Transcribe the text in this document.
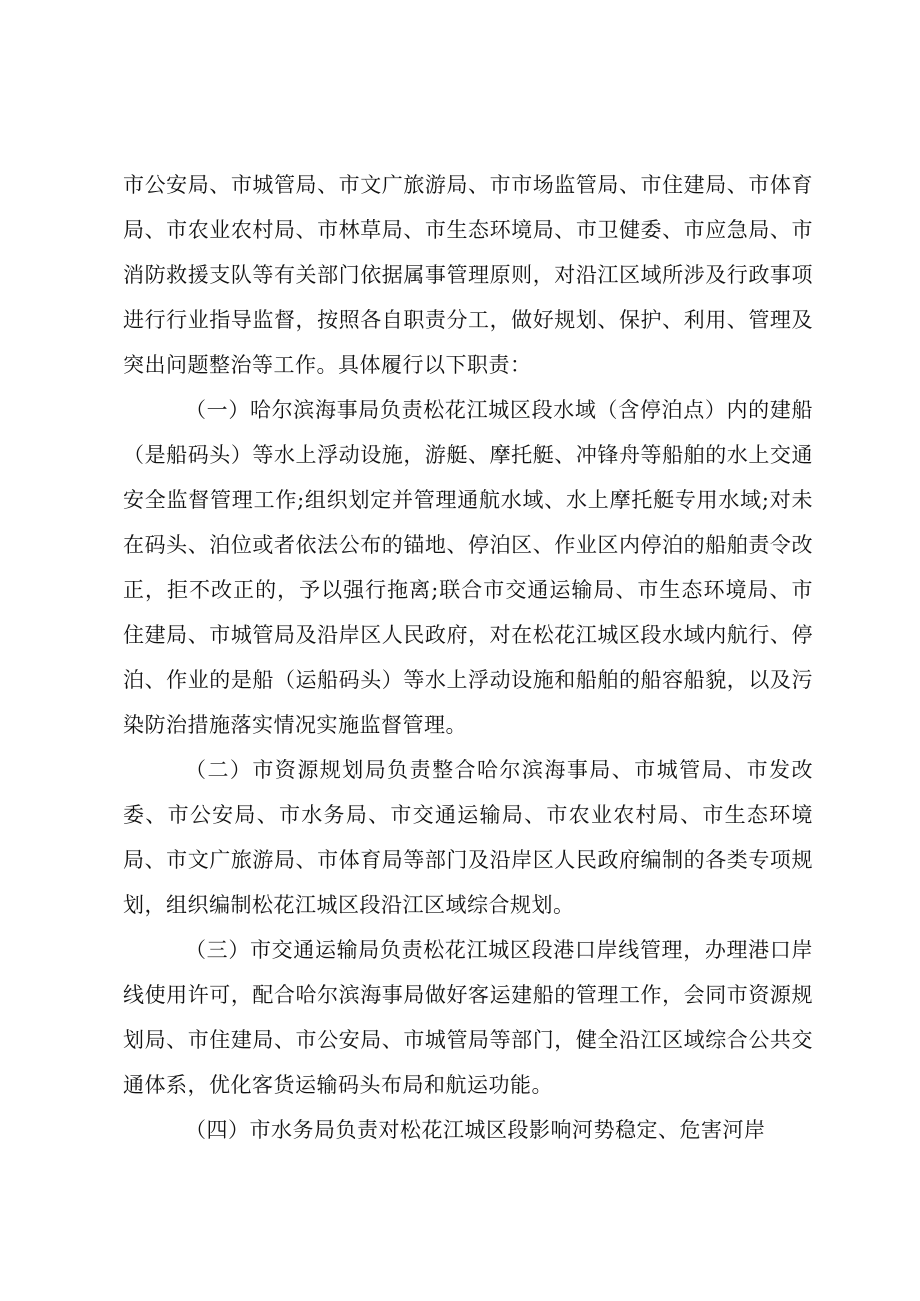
市公安局、市城管局、市文广旅游局、市市场监管局、市住建局、市体育局、市农业农村局、市林草局、市生态环境局、市卫健委、市应急局、市消防救援支队等有关部门依据属事管理原则，对沿江区域所涉及行政事项进行行业指导监督，按照各自职责分工，做好规划、保护、利用、管理及突出问题整治等工作。具体履行以下职责：

（一）哈尔滨海事局负责松花江城区段水域（含停泊点）内的建船（是船码头）等水上浮动设施，游艇、摩托艇、冲锋舟等船舶的水上交通安全监督管理工作;组织划定并管理通航水域、水上摩托艇专用水域;对未在码头、泊位或者依法公布的锚地、停泊区、作业区内停泊的船舶责令改正，拒不改正的，予以强行拖离;联合市交通运输局、市生态环境局、市住建局、市城管局及沿岸区人民政府，对在松花江城区段水域内航行、停泊、作业的是船（运船码头）等水上浮动设施和船舶的船容船貌，以及污染防治措施落实情况实施监督管理。

（二）市资源规划局负责整合哈尔滨海事局、市城管局、市发改委、市公安局、市水务局、市交通运输局、市农业农村局、市生态环境局、市文广旅游局、市体育局等部门及沿岸区人民政府编制的各类专项规划，组织编制松花江城区段沿江区域综合规划。

（三）市交通运输局负责松花江城区段港口岸线管理，办理港口岸线使用许可，配合哈尔滨海事局做好客运建船的管理工作，会同市资源规划局、市住建局、市公安局、市城管局等部门，健全沿江区域综合公共交通体系，优化客货运输码头布局和航运功能。

（四）市水务局负责对松花江城区段影响河势稳定、危害河岸
